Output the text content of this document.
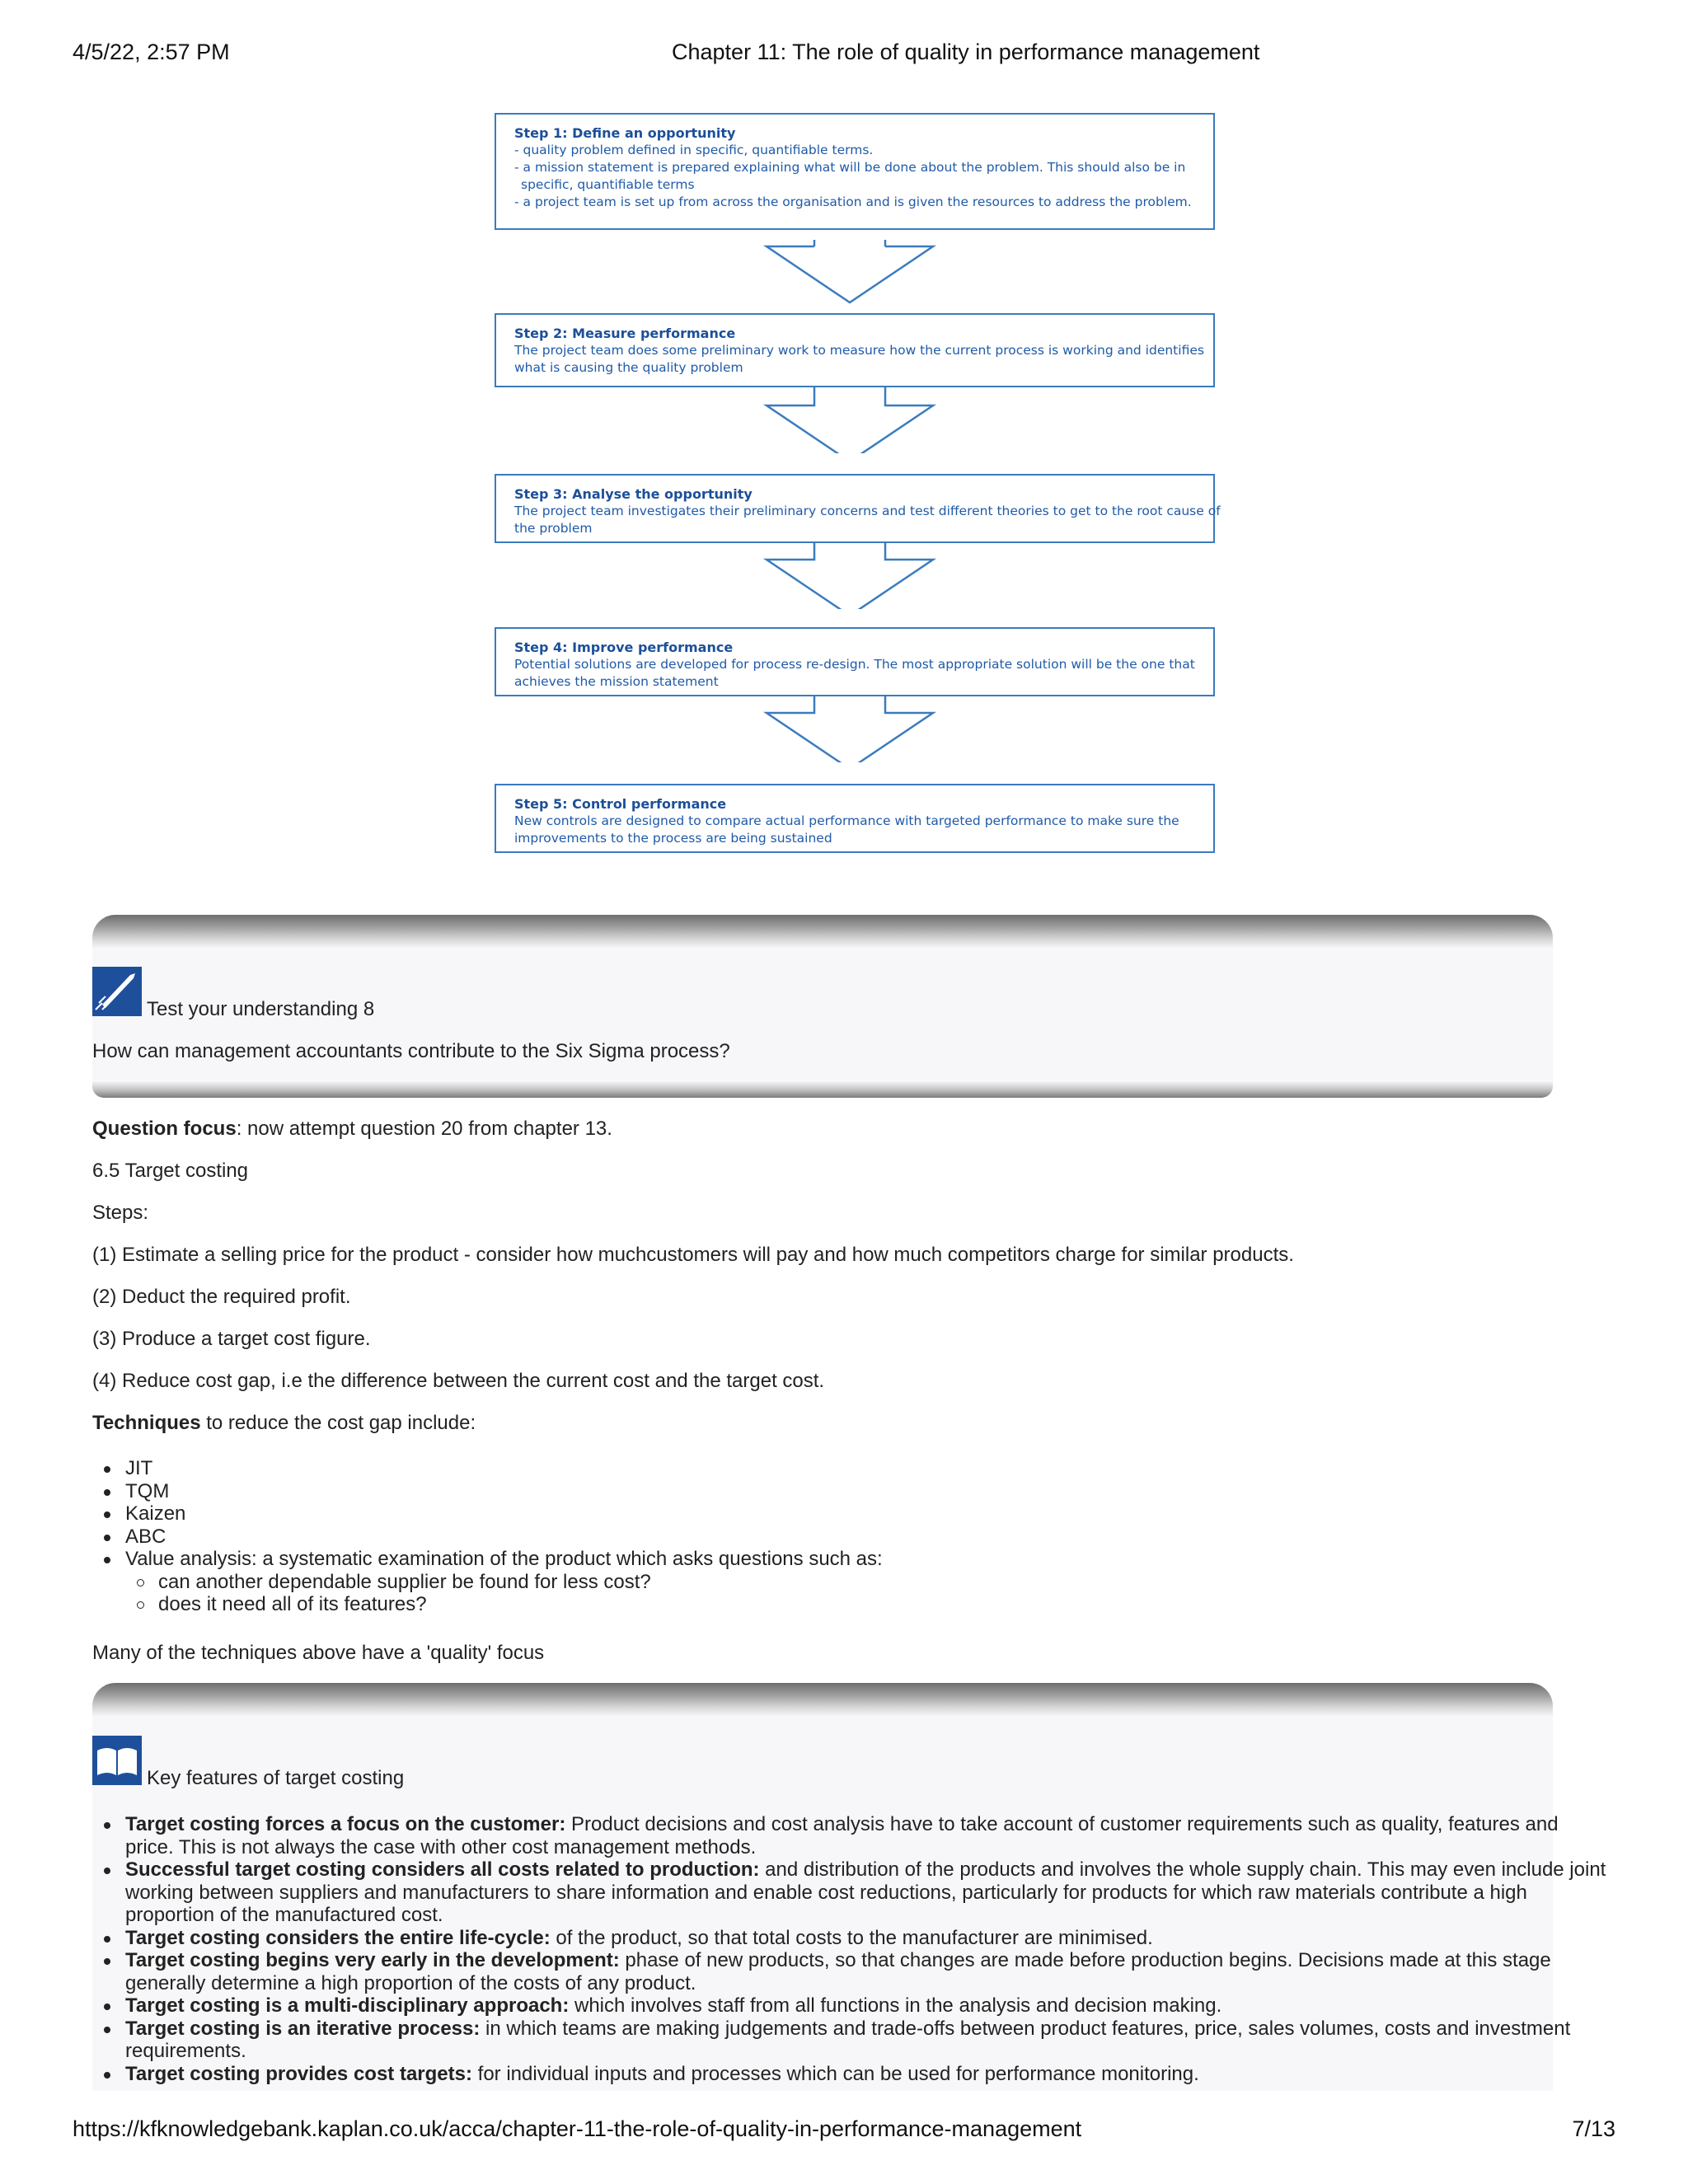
4/5/22, 2:57 PM	Chapter 11: The role of quality in performance management
Step 1: Define an opportunity
- quality problem defined in specific, quantifiable terms.
- a mission statement is prepared explaining what will be done about the problem. This should also be in
specific, quantifiable terms
- a project team is set up from across the organisation and is given the resources to address the problem.
Step 2: Measure performance
The project team does some preliminary work to measure how the current process is working and identifies
what is causing the quality problem
Step 3: Analyse the opportunity
The project team investigates their preliminary concerns and test different theories to get to the root cause of
the problem
Step 4: Improve performance
Potential solutions are developed for process re-design. The most appropriate solution will be the one that
achieves the mission statement
Step 5: Control performance
New controls are designed to compare actual performance with targeted performance to make sure the
improvements to the process are being sustained
Test your understanding 8
How can management accountants contribute to the Six Sigma process?
Question focus: now attempt question 20 from chapter 13.
6.5 Target costing
Steps:
(1) Estimate a selling price for the product - consider how muchcustomers will pay and how much competitors charge for similar products.
(2) Deduct the required profit.
(3) Produce a target cost figure.
(4) Reduce cost gap, i.e the difference between the current cost and the target cost.
Techniques to reduce the cost gap include:
JIT
TQM
Kaizen
ABC
Value analysis: a systematic examination of the product which asks questions such as:
can another dependable supplier be found for less cost?
does it need all of its features?
Many of the techniques above have a 'quality' focus
Key features of target costing
Target costing forces a focus on the customer: Product decisions and cost analysis have to take account of customer requirements such as quality, features and price. This is not always the case with other cost management methods.
Successful target costing considers all costs related to production: and distribution of the products and involves the whole supply chain. This may even include joint working between suppliers and manufacturers to share information and enable cost reductions, particularly for products for which raw materials contribute a high proportion of the manufactured cost.
Target costing considers the entire life-cycle: of the product, so that total costs to the manufacturer are minimised.
Target costing begins very early in the development: phase of new products, so that changes are made before production begins. Decisions made at this stage generally determine a high proportion of the costs of any product.
Target costing is a multi-disciplinary approach: which involves staff from all functions in the analysis and decision making.
Target costing is an iterative process: in which teams are making judgements and trade-offs between product features, price, sales volumes, costs and investment requirements.
Target costing provides cost targets: for individual inputs and processes which can be used for performance monitoring.
https://kfknowledgebank.kaplan.co.uk/acca/chapter-11-the-role-of-quality-in-performance-management	7/13
